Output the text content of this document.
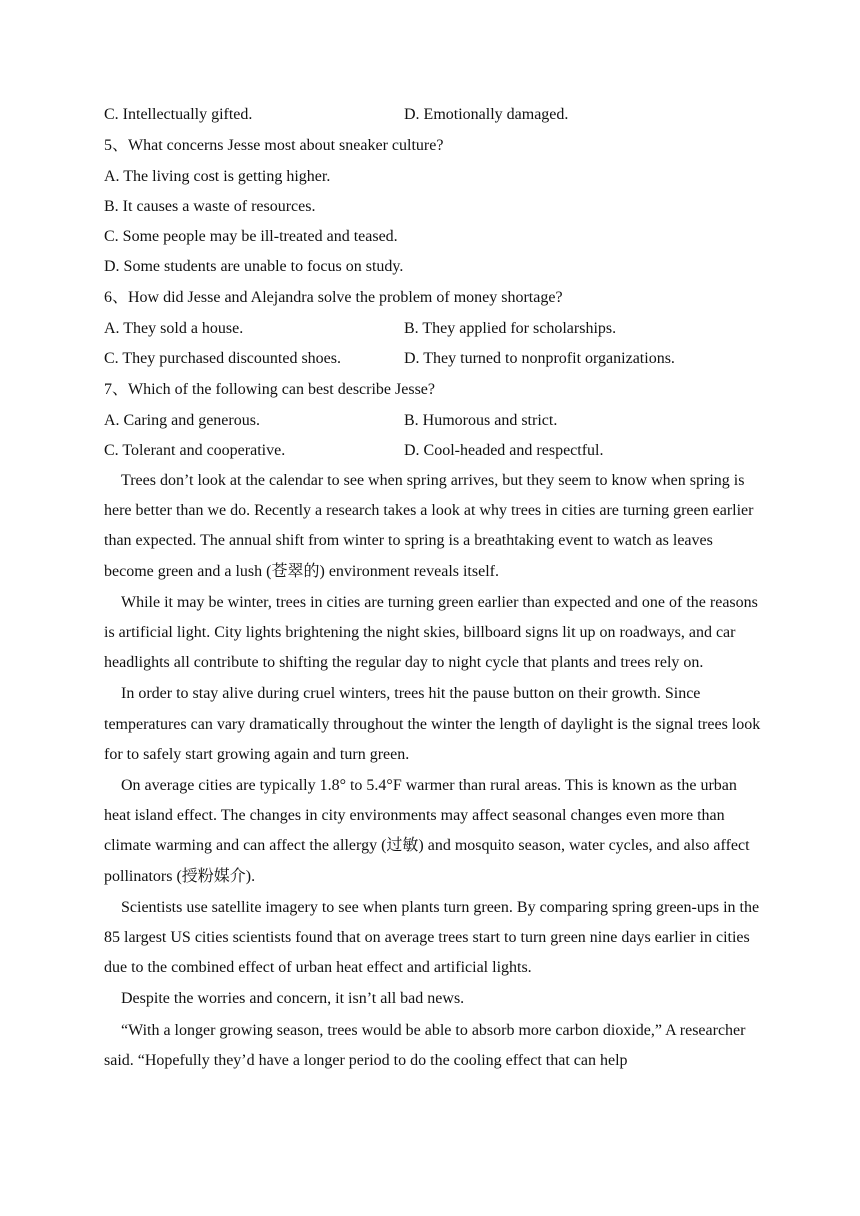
C. Intellectually gifted.	D. Emotionally damaged.
5、What concerns Jesse most about sneaker culture?
A. The living cost is getting higher.
B. It causes a waste of resources.
C. Some people may be ill-treated and teased.
D. Some students are unable to focus on study.
6、How did Jesse and Alejandra solve the problem of money shortage?
A. They sold a house.	B. They applied for scholarships.
C. They purchased discounted shoes.	D. They turned to nonprofit organizations.
7、Which of the following can best describe Jesse?
A. Caring and generous.	B. Humorous and strict.
C. Tolerant and cooperative.	D. Cool-headed and respectful.

Trees don’t look at the calendar to see when spring arrives, but they seem to know when spring is here better than we do. Recently a research takes a look at why trees in cities are turning green earlier than expected. The annual shift from winter to spring is a breathtaking event to watch as leaves become green and a lush (苍翠的) environment reveals itself.

While it may be winter, trees in cities are turning green earlier than expected and one of the reasons is artificial light. City lights brightening the night skies, billboard signs lit up on roadways, and car headlights all contribute to shifting the regular day to night cycle that plants and trees rely on.

In order to stay alive during cruel winters, trees hit the pause button on their growth. Since temperatures can vary dramatically throughout the winter the length of daylight is the signal trees look for to safely start growing again and turn green.

On average cities are typically 1.8° to 5.4°F warmer than rural areas. This is known as the urban heat island effect. The changes in city environments may affect seasonal changes even more than climate warming and can affect the allergy (过敏) and mosquito season, water cycles, and also affect pollinators (授粉媒介).

Scientists use satellite imagery to see when plants turn green. By comparing spring green-ups in the 85 largest US cities scientists found that on average trees start to turn green nine days earlier in cities due to the combined effect of urban heat effect and artificial lights.

Despite the worries and concern, it isn’t all bad news.

“With a longer growing season, trees would be able to absorb more carbon dioxide,” A researcher said. “Hopefully they’d have a longer period to do the cooling effect that can help
